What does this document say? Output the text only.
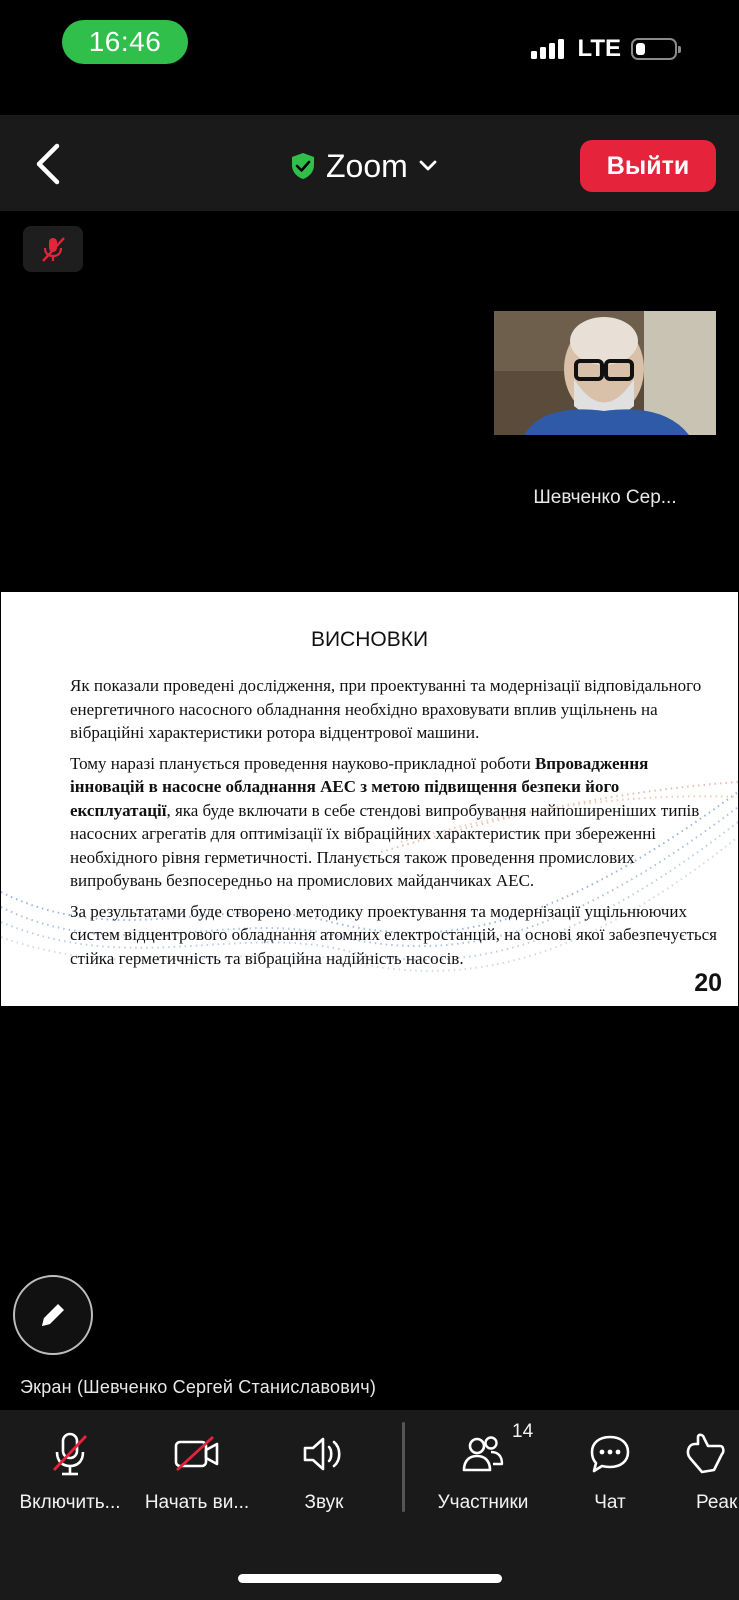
16:46	LTE
Zoom	Выйти
Шевченко Сер...
ВИСНОВКИ

Як показали проведені дослідження, при проектуванні та модернізації відповідального енергетичного насосного обладнання необхідно враховувати вплив ущільнень на вібраційні характеристики ротора відцентрової машини.

Тому наразі планується проведення науково-прикладної роботи Впровадження інновацій в насосне обладнання АЕС з метою підвищення безпеки його експлуатації, яка буде включати в себе стендові випробування найпоширеніших типів насосних агрегатів для оптимізації їх вібраційних характеристик при збереженні необхідного рівня герметичності. Планується також проведення промислових випробувань безпосередньо на промислових майданчиках АЕС.

За результатами буде створено методику проектування та модернізації ущільнюючих систем відцентрового обладнання атомних електростанцій, на основі якої забезпечується стійка герметичність та вібраційна надійність насосів.

20
Экран (Шевченко Сергей Станиславович)
Включить... Начать ви...	Звук	Участники
14
Чат	Реак
